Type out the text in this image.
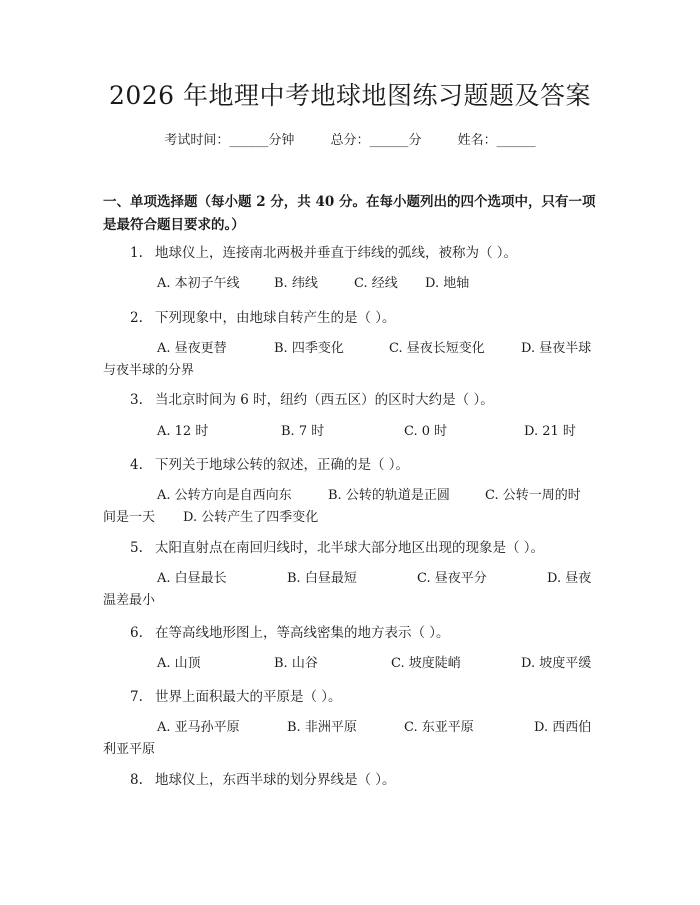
2026 年地理中考地球地图练习题题及答案
考试时间：______分钟	总分：______分	姓名：______
一、单项选择题（每小题 2 分，共 40 分。在每小题列出的四个选项中，只有一项是最符合题目要求的。）
1. 地球仪上，连接南北两极并垂直于纬线的弧线，被称为（ ）。
A. 本初子午线	B. 纬线	C. 经线 D. 地轴
2. 下列现象中，由地球自转产生的是（ ）。
A. 昼夜更替	B. 四季变化	C. 昼夜长短变化	D. 昼夜半球
与夜半球的分界
3. 当北京时间为 6 时，纽约（西五区）的区时大约是（ ）。
A. 12 时	B. 7 时	C. 0 时	D. 21 时
4. 下列关于地球公转的叙述，正确的是（ ）。
A. 公转方向是自西向东	B. 公转的轨道是正圆	C. 公转一周的时
间是一天 D. 公转产生了四季变化
5. 太阳直射点在南回归线时，北半球大部分地区出现的现象是（ ）。
A. 白昼最长	B. 白昼最短	C. 昼夜平分	D. 昼夜
温差最小
6. 在等高线地形图上，等高线密集的地方表示（ ）。
A. 山顶	B. 山谷	C. 坡度陡峭	D. 坡度平缓
7. 世界上面积最大的平原是（ ）。
A. 亚马孙平原	B. 非洲平原	C. 东亚平原	D. 西西伯
利亚平原
8. 地球仪上，东西半球的划分界线是（ ）。
